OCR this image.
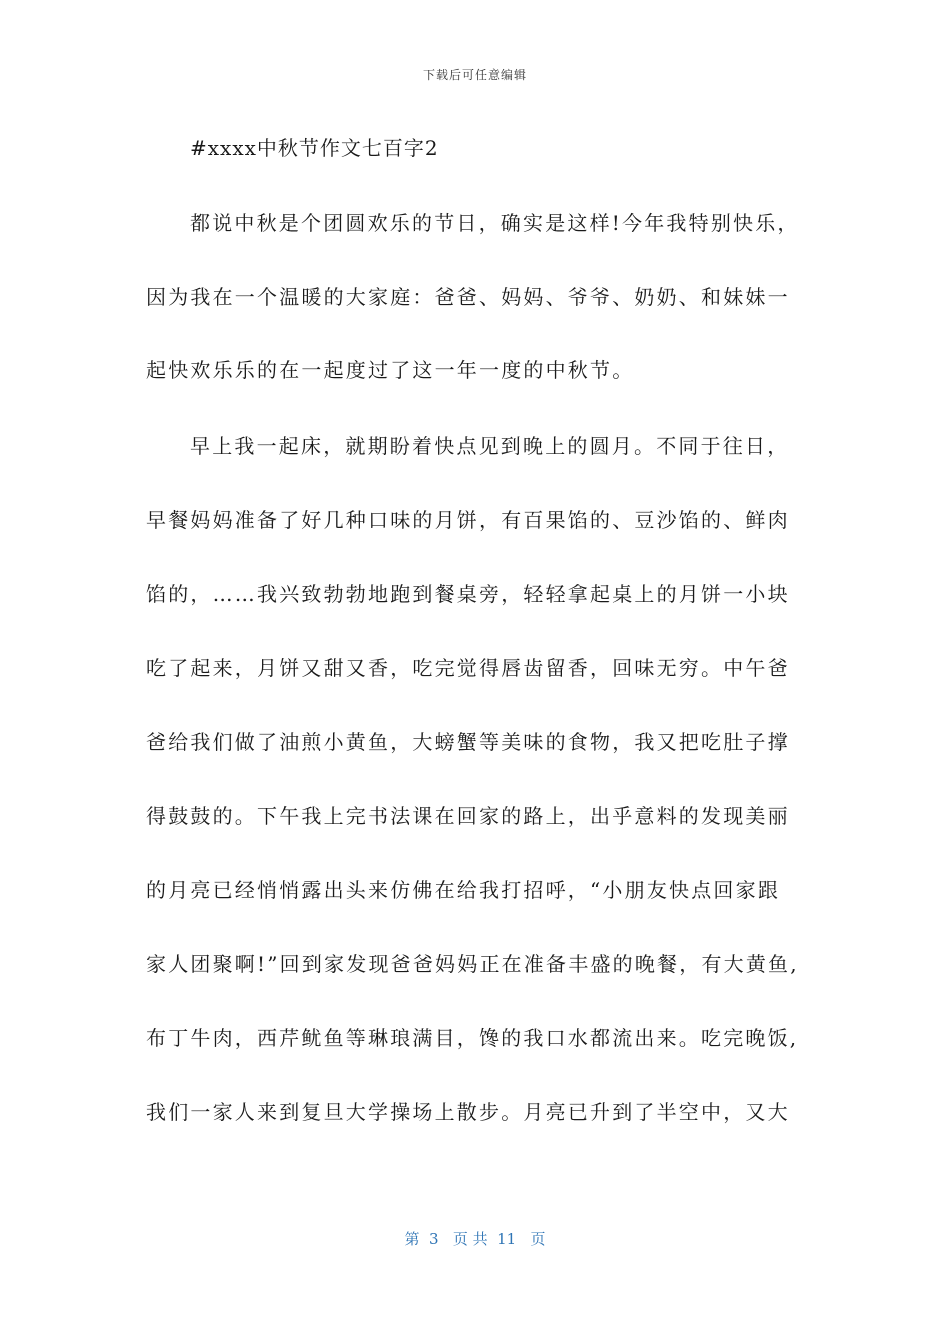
下载后可任意编辑
#xxxx中秋节作文七百字2
都说中秋是个团圆欢乐的节日，确实是这样!今年我特别快乐，
因为我在一个温暖的大家庭：爸爸、妈妈、爷爷、奶奶、和妹妹一
起快欢乐乐的在一起度过了这一年一度的中秋节。
早上我一起床，就期盼着快点见到晚上的圆月。不同于往日，
早餐妈妈准备了好几种口味的月饼，有百果馅的、豆沙馅的、鲜肉
馅的，……我兴致勃勃地跑到餐桌旁，轻轻拿起桌上的月饼一小块
吃了起来，月饼又甜又香，吃完觉得唇齿留香，回味无穷。中午爸
爸给我们做了油煎小黄鱼，大螃蟹等美味的食物，我又把吃肚子撑
得鼓鼓的。下午我上完书法课在回家的路上，出乎意料的发现美丽
的月亮已经悄悄露出头来仿佛在给我打招呼，“小朋友快点回家跟
家人团聚啊!”回到家发现爸爸妈妈正在准备丰盛的晚餐，有大黄鱼,
布丁牛肉，西芹鱿鱼等琳琅满目，馋的我口水都流出来。吃完晚饭,
我们一家人来到复旦大学操场上散步。月亮已升到了半空中，又大
第  3   页 共  11   页
